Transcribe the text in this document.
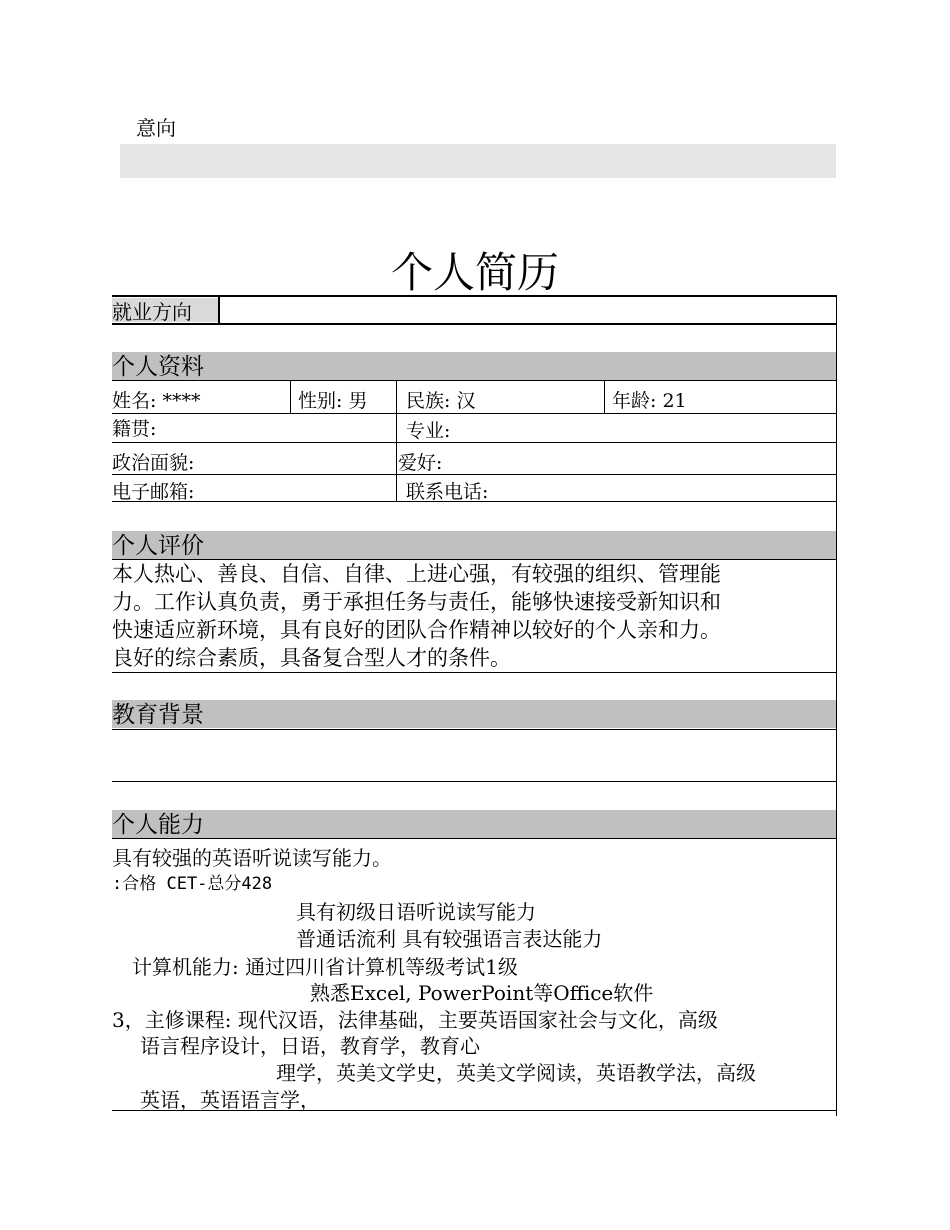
意向
个人简历
就业方向
个人资料
姓名: ****	性别: 男 民族: 汉	年龄: 21
籍贯:	专业:
政治面貌:	爱好:
电子邮箱:	联系电话:
个人评价
本人热心、善良、自信、自律、上进心强，有较强的组织、管理能
力。工作认真负责，勇于承担任务与责任，能够快速接受新知识和
快速适应新环境，具有良好的团队合作精神以较好的个人亲和力。
良好的综合素质，具备复合型人才的条件。
教育背景
个人能力
具有较强的英语听说读写能力。
:合格 CET-总分428
具有初级日语听说读写能力
普通话流利 具有较强语言表达能力
计算机能力: 通过四川省计算机等级考试1级
熟悉Excel, PowerPoint等Office软件
3，主修课程: 现代汉语，法律基础，主要英语国家社会与文化，高级
语言程序设计，日语，教育学，教育心
理学，英美文学史，英美文学阅读，英语教学法，高级
英语，英语语言学，
